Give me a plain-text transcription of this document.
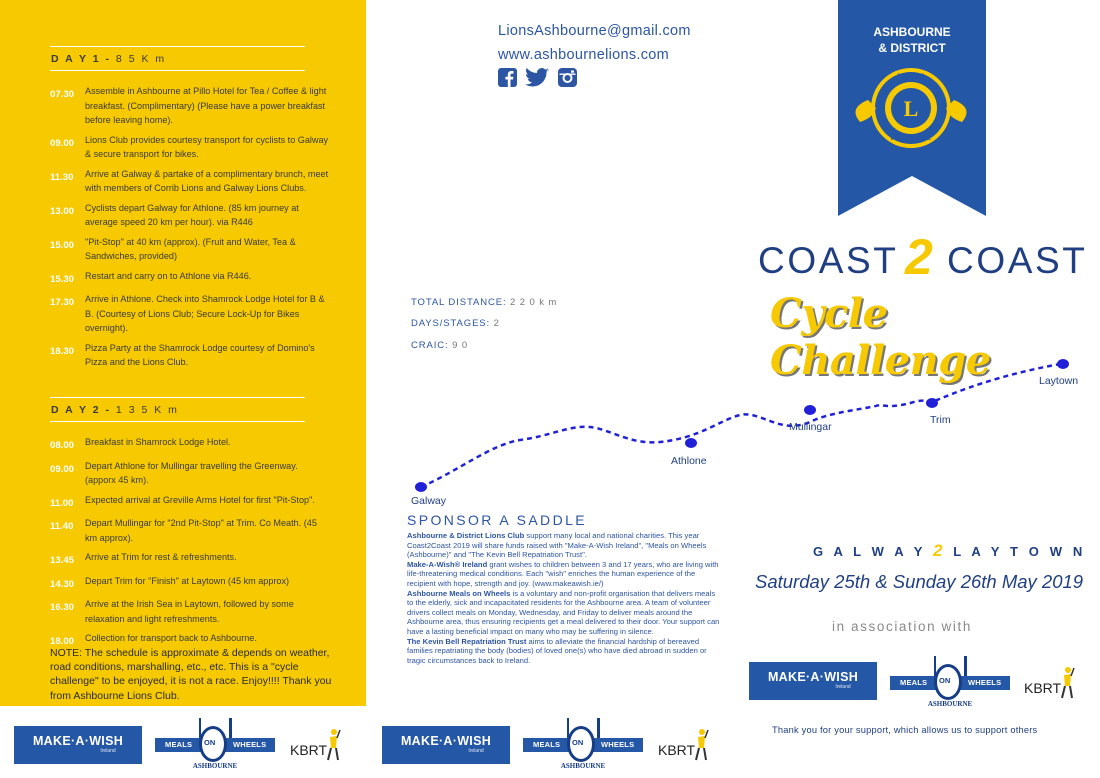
D A Y 1 - 8 5 K m
07.30	Assemble in Ashbourne at Pillo Hotel for Tea / Coffee & light breakfast. (Complimentary) (Please have a power breakfast before leaving home).
09.00	Lions Club provides courtesy transport for cyclists to Galway & secure transport for bikes.
11.30	Arrive at Galway & partake of a complimentary brunch, meet with members of Corrib Lions and Galway Lions Clubs.
13.00	Cyclists depart Galway for Athlone. (85 km journey at average speed 20 km per hour). via R446
15.00	"Pit-Stop" at 40 km (approx). (Fruit and Water, Tea & Sandwiches, provided)
15.30	Restart and carry on to Athlone via R446.
17.30	Arrive in Athlone. Check into Shamrock Lodge Hotel for B & B. (Courtesy of Lions Club; Secure Lock-Up for Bikes overnight).
18.30	Pizza Party at the Shamrock Lodge courtesy of Domino's Pizza and the Lions Club.
D A Y 2 - 1 3 5 K m
08.00	Breakfast in Shamrock Lodge Hotel.
09.00	Depart Athlone for Mullingar travelling the Greenway. (apporx 45 km).
11.00	Expected arrival at Greville Arms Hotel for first "Pit-Stop".
11.40	Depart Mullingar for "2nd Pit-Stop" at Trim. Co Meath. (45 km approx).
13.45	Arrive at Trim for rest & refreshments.
14.30	Depart Trim for "Finish" at Laytown (45 km approx)
16.30	Arrive at the Irish Sea in Laytown, followed by some relaxation and light refreshments.
18.00	Collection for transport back to Ashbourne.
NOTE: The schedule is approximate & depends on weather, road conditions, marshalling, etc., etc. This is a "cycle challenge" to be enjoyed, it is not a race. Enjoy!!!! Thank you from Ashbourne Lions Club.
MAKE·A·WISH
Ireland
MEALS	WHEELS
ON
ASHBOURNE
KBRT
MAKE·A·WISH
Ireland
MEALS	WHEELS
ON
ASHBOURNE
KBRT
LionsAshbourne@gmail.com
www.ashbournelions.com
TOTAL DISTANCE: 2 2 0 k m
DAYS/STAGES: 2
CRAIC: 9 0
Galway
Athlone
Mullingar
Trim
Laytown
SPONSOR A SADDLE
Ashbourne & District Lions Club support many local and national charities. This year Coast2Coast 2019 will share funds raised with "Make-A-Wish Ireland", "Meals on Wheels (Ashbourne)" and "The Kevin Bell Repatriation Trust".
Make-A-Wish® Ireland grant wishes to children between 3 and 17 years, who are living with life-threatening medical conditions. Each "wish" enriches the human experience of the recipient with hope, strength and joy. (www.makeawish.ie/)
Ashbourne Meals on Wheels is a voluntary and non-profit organisation that delivers meals to the elderly, sick and incapacitated residents for the Ashbourne area. A team of volunteer drivers collect meals on Monday, Wednesday, and Friday to deliver meals around the Ashbourne area, thus ensuring recipients get a meal delivered to their door. Your support can have a lasting beneficial impact on many who may be suffering in silence.
The Kevin Bell Repatriation Trust aims to alleviate the financial hardship of bereaved families repatriating the body (bodies) of loved one(s) who have died abroad in sudden or tragic circumstances back to Ireland.
ASHBOURNE
& DISTRICT
LIONS
L
INTERNATIONAL
COAST 2 COAST
Cycle Challenge
G A L W A Y 2 L A Y T O W N
Saturday 25th & Sunday 26th May 2019
in association with
MAKE·A·WISH
Ireland	MEALS	WHEELS
ON
ASHBOURNE
KBRT
Thank you for your support, which allows us to support others
